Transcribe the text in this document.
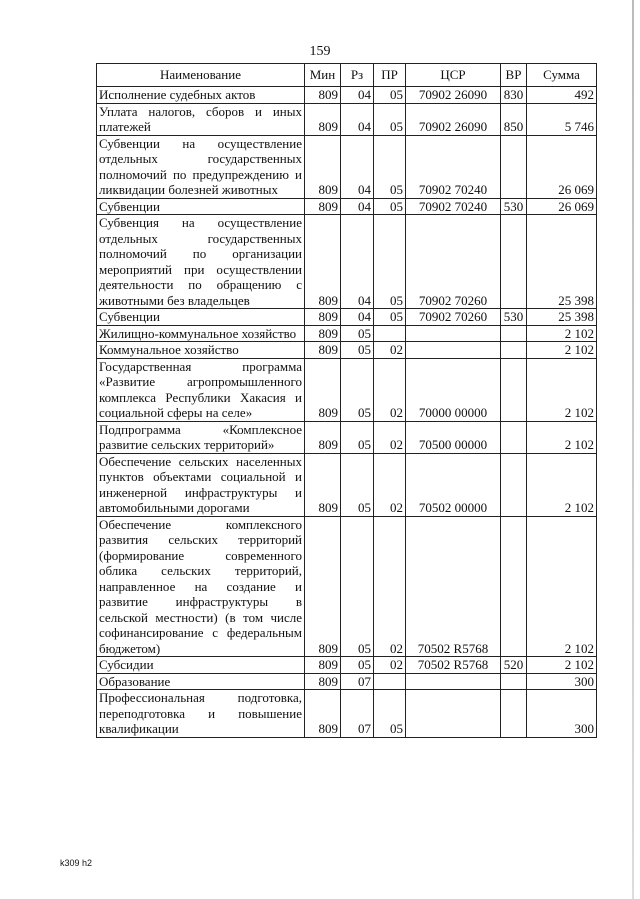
159
Наименование	Мин	Рз	ПР	ЦСР	ВР	Сумма
Исполнение судебных актов	809	04	05	70902 26090	830	492
Уплата налогов, сборов и иных платежей	809	04	05	70902 26090	850	5 746
Субвенции на осуществление отдельных государственных полномочий по предупреждению и ликвидации болезней животных	809	04	05	70902 70240		26 069
Субвенции	809	04	05	70902 70240	530	26 069
Субвенция на осуществление отдельных государственных полномочий по организации мероприятий при осуществлении деятельности по обращению с животными без владельцев	809	04	05	70902 70260		25 398
Субвенции	809	04	05	70902 70260	530	25 398
Жилищно-коммунальное хозяйство	809	05				2 102
Коммунальное хозяйство	809	05	02			2 102
Государственная программа «Развитие агропромышленного комплекса Республики Хакасия и социальной сферы на селе»	809	05	02	70000 00000		2 102
Подпрограмма «Комплексное развитие сельских территорий»	809	05	02	70500 00000		2 102
Обеспечение сельских населенных пунктов объектами социальной и инженерной инфраструктуры и автомобильными дорогами	809	05	02	70502 00000		2 102
Обеспечение комплексного развития сельских территорий (формирование современного облика сельских территорий, направленное на создание и развитие инфраструктуры в сельской местности) (в том числе софинансирование с федеральным бюджетом)	809	05	02	70502 R5768		2 102
Субсидии	809	05	02	70502 R5768	520	2 102
Образование	809	07				300
Профессиональная подготовка, переподготовка и повышение квалификации	809	07	05			300
k309 h2
